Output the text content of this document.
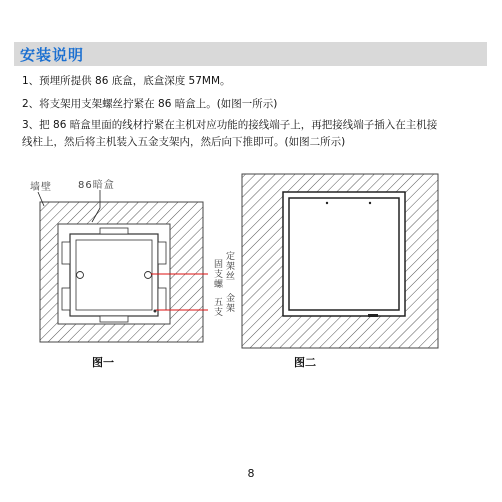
安装说明
1、预埋所提供 86 底盒，底盒深度 57MM。
2、将支架用支架螺丝拧紧在 86 暗盒上。(如图一所示)
3、把 86 暗盒里面的线材拧紧在主机对应功能的接线端子上，再把接线端子插入在主机接
线柱上，然后将主机装入五金支架内，然后向下推即可。(如图二所示)
墙壁	86暗盒
定
架
丝
固
支
螺
金
架
五
支
图一	图二
8
